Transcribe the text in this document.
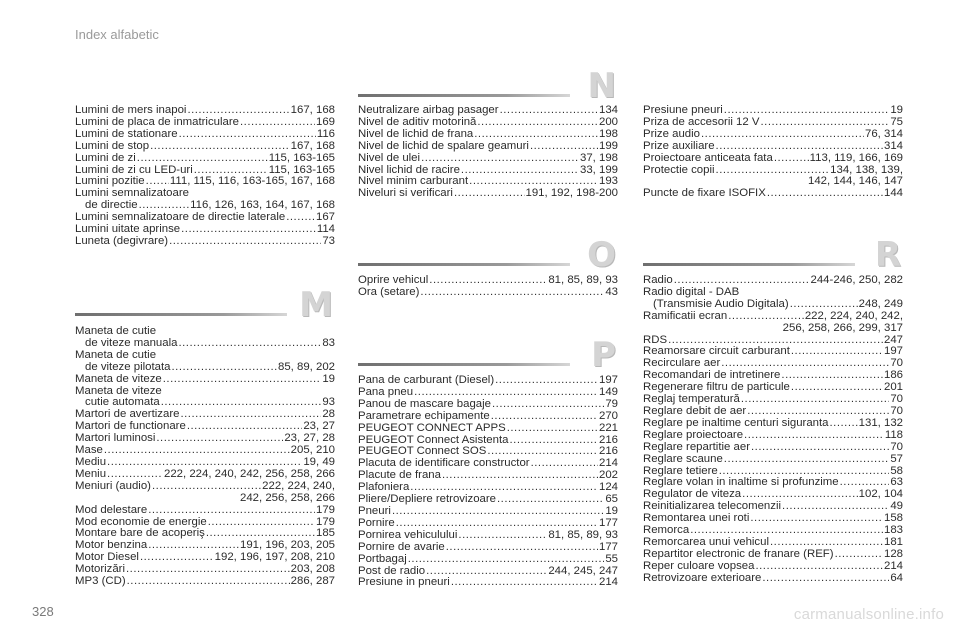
Index alfabetic
Lumini de mers inapoi .....	167, 168
Lumini de placa de inmatriculare .....	169
Lumini de stationare .....	116
Lumini de stop .....	167, 168
Lumini de zi .....	115, 163-165
Lumini de zi cu LED-uri .....	115, 163-165
Lumini pozitie ..... 111, 115, 116, 163-165, 167, 168
Lumini semnalizatoare
de directie .....	116, 126, 163, 164, 167, 168
Lumini semnalizatoare de directie laterale .....	167
Lumini uitate aprinse .....	114
Luneta (degivrare) .....	73
M
Maneta de cutie
de viteze manuala .....	83
Maneta de cutie
de viteze pilotata .....	85, 89, 202
Maneta de viteze .....	19
Maneta de viteze
cutie automata .....	93
Martori de avertizare .....	28
Martori de functionare .....	23, 27
Martori luminosi .....	23, 27, 28
Mase .....	205, 210
Mediu .....	19, 49
Meniu .....	222, 224, 240, 242, 256, 258, 266
Meniuri (audio) .....	222, 224, 240,
242, 256, 258, 266
Mod delestare .....	179
Mod economie de energie .....	179
Montare bare de acoperiş .....	185
Motor benzina .....	191, 196, 203, 205
Motor Diesel .....	192, 196, 197, 208, 210
Motorizări .....	203, 208
MP3 (CD) .....	286, 287
N
Neutralizare airbag pasager .....	134
Nivel de aditiv motorină .....	200
Nivel de lichid de frana .....	198
Nivel de lichid de spalare geamuri .....	199
Nivel de ulei .....	37, 198
Nivel lichid de racire .....	33, 199
Nivel minim carburant .....	193
Niveluri si verificari .....	191, 192, 198-200
O
Oprire vehicul .....	81, 85, 89, 93
Ora (setare) .....	43
P
Pana de carburant (Diesel) .....	197
Pana pneu .....	149
Panou de mascare bagaje .....	79
Parametrare echipamente .....	270
PEUGEOT CONNECT APPS .....	221
PEUGEOT Connect Asistenta .....	216
PEUGEOT Connect SOS .....	216
Placuta de identificare constructor .....	214
Placute de frana .....	202
Plafoniera .....	124
Pliere/Depliere retrovizoare .....	65
Pneuri .....	19
Pornire .....	177
Pornirea vehiculului .....	81, 85, 89, 93
Pornire de avarie .....	177
Portbagaj .....	55
Post de radio .....	244, 245, 247
Presiune in pneuri .....	214
Presiune pneuri .....	19
Priza de accesorii 12 V .....	75
Prize audio .....	76, 314
Prize auxiliare .....	314
Proiectoare anticeata fata .....	113, 119, 166, 169
Protectie copii .....	134, 138, 139,
142, 144, 146, 147
Puncte de fixare ISOFIX .....	144
R
Radio .....	244-246, 250, 282
Radio digital - DAB
(Transmisie Audio Digitala) .....	248, 249
Ramificatii ecran .....	222, 224, 240, 242,
256, 258, 266, 299, 317
RDS .....	247
Reamorsare circuit carburant .....	197
Recirculare aer .....	70
Recomandari de intretinere .....	186
Regenerare filtru de particule .....	201
Reglaj temperatură .....	70
Reglare debit de aer .....	70
Reglare pe inaltime centuri siguranta .....	131, 132
Reglare proiectoare .....	118
Reglare repartitie aer .....	70
Reglare scaune .....	57
Reglare tetiere .....	58
Reglare volan in inaltime si profunzime .....	63
Regulator de viteza .....	102, 104
Reinitializarea telecomenzii .....	49
Remontarea unei roti .....	158
Remorca .....	183
Remorcarea unui vehicul .....	181
Repartitor electronic de franare (REF) .....	128
Reper culoare vopsea .....	214
Retrovizoare exterioare .....	64
328	carmanualsonline.info
